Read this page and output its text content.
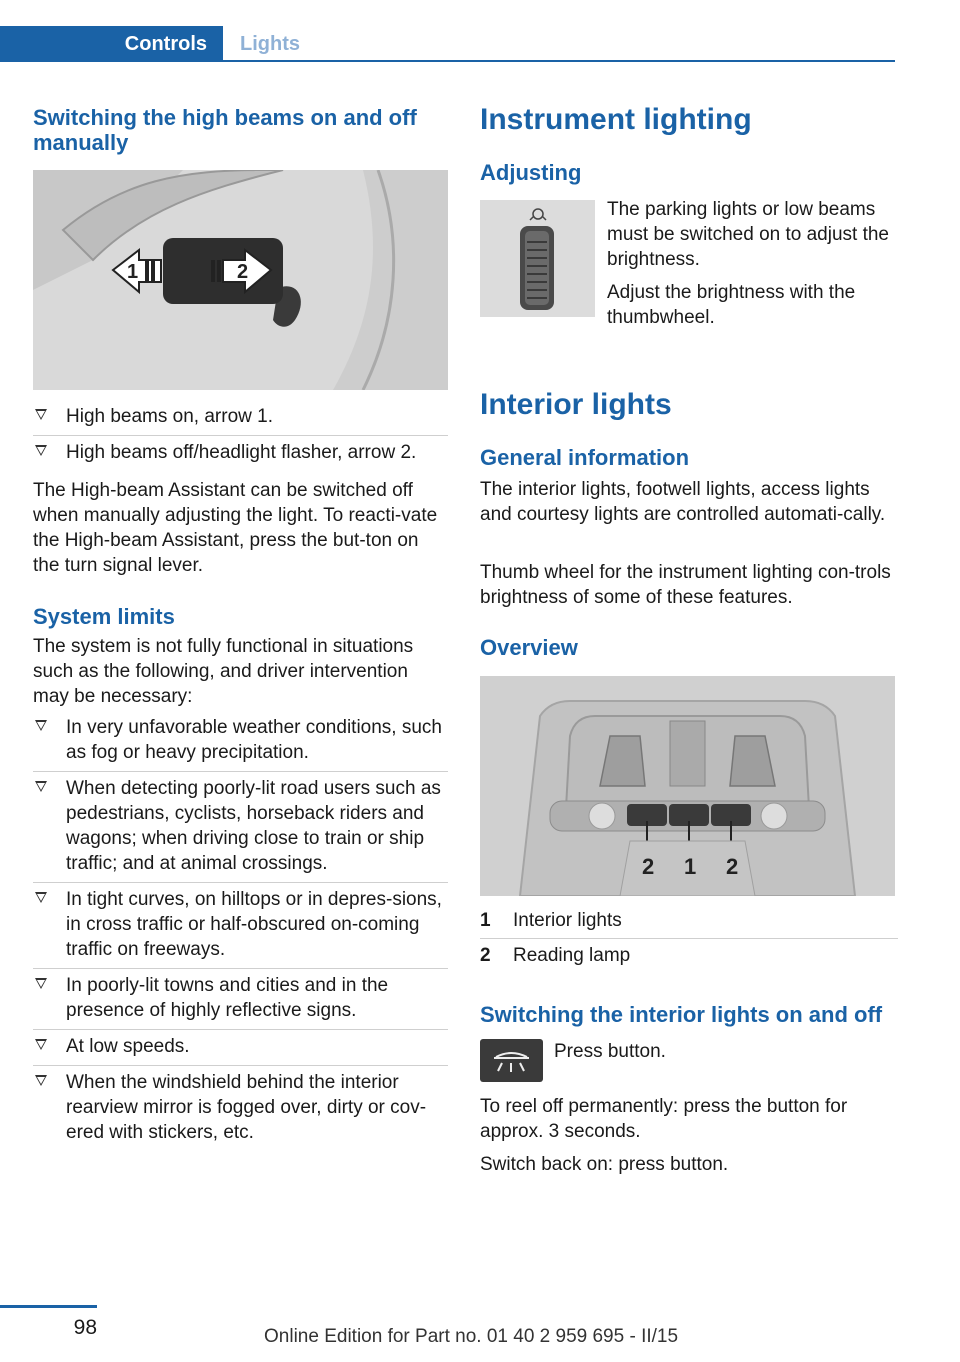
Controls	Lights
Switching the high beams on and off manually
1	2
High beams on, arrow 1.
High beams off/headlight flasher, arrow 2.
The High-beam Assistant can be switched off when manually adjusting the light. To reacti-vate the High-beam Assistant, press the but-ton on the turn signal lever.
System limits
The system is not fully functional in situations such as the following, and driver intervention may be necessary:
In very unfavorable weather conditions, such as fog or heavy precipitation.
When detecting poorly-lit road users such as pedestrians, cyclists, horseback riders and wagons; when driving close to train or ship traffic; and at animal crossings.
In tight curves, on hilltops or in depres-sions, in cross traffic or half-obscured on-coming traffic on freeways.
In poorly-lit towns and cities and in the presence of highly reflective signs.
At low speeds.
When the windshield behind the interior rearview mirror is fogged over, dirty or cov-ered with stickers, etc.
Instrument lighting
Adjusting
The parking lights or low beams must be switched on to adjust the brightness.
Adjust the brightness with the thumbwheel.
Interior lights
General information
The interior lights, footwell lights, access lights and courtesy lights are controlled automati-cally.
Thumb wheel for the instrument lighting con-trols brightness of some of these features.
Overview
2 1 2
1	Interior lights
2	Reading lamp
Switching the interior lights on and off
Press button.
To reel off permanently: press the button for approx. 3 seconds.
Switch back on: press button.
98	Online Edition for Part no. 01 40 2 959 695 - II/15
